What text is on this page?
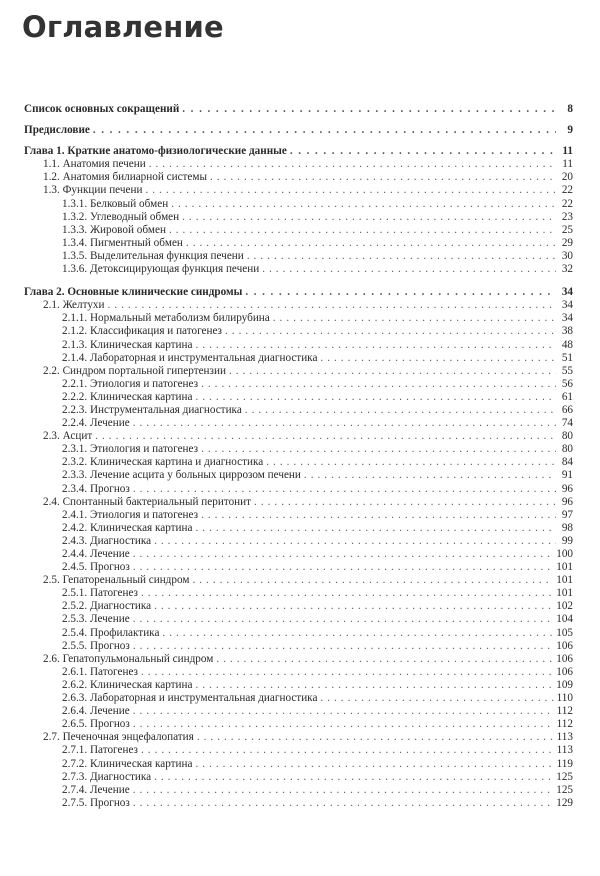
Оглавление
Список основных сокращений . . .	8
Предисловие . . .	9
Глава 1. Краткие анатомо-физиологические данные . . .	11
1.1. Анатомия печени . . .	11
1.2. Анатомия билиарной системы . . .	20
1.3. Функции печени . . .	22
1.3.1. Белковый обмен . . .	22
1.3.2. Углеводный обмен . . .	23
1.3.3. Жировой обмен . . .	25
1.3.4. Пигментный обмен . . .	29
1.3.5. Выделительная функция печени . . .	30
1.3.6. Детоксицирующая функция печени . . .	32
Глава 2. Основные клинические синдромы . . .	34
2.1. Желтухи . . .	34
2.1.1. Нормальный метаболизм билирубина . . .	34
2.1.2. Классификация и патогенез . . .	38
2.1.3. Клиническая картина . . .	48
2.1.4. Лабораторная и инструментальная диагностика . . .	51
2.2. Синдром портальной гипертензии . . .	55
2.2.1. Этиология и патогенез . . .	56
2.2.2. Клиническая картина . . .	61
2.2.3. Инструментальная диагностика . . .	66
2.2.4. Лечение . . .	74
2.3. Асцит . . .	80
2.3.1. Этиология и патогенез . . .	80
2.3.2. Клиническая картина и диагностика . . .	84
2.3.3. Лечение асцита у больных циррозом печени . . .	91
2.3.4. Прогноз . . .	96
2.4. Спонтанный бактериальный перитонит . . .	96
2.4.1. Этиология и патогенез . . .	97
2.4.2. Клиническая картина . . .	98
2.4.3. Диагностика . . .	99
2.4.4. Лечение . . .	100
2.4.5. Прогноз . . .	101
2.5. Гепаторенальный синдром . . .	101
2.5.1. Патогенез . . .	101
2.5.2. Диагностика . . .	102
2.5.3. Лечение . . .	104
2.5.4. Профилактика . . .	105
2.5.5. Прогноз . . .	106
2.6. Гепатопульмональный синдром . . .	106
2.6.1. Патогенез . . .	106
2.6.2. Клиническая картина . . .	109
2.6.3. Лабораторная и инструментальная диагностика . . .	110
2.6.4. Лечение . . .	112
2.6.5. Прогноз . . .	112
2.7. Печеночная энцефалопатия . . .	113
2.7.1. Патогенез . . .	113
2.7.2. Клиническая картина . . .	119
2.7.3. Диагностика . . .	125
2.7.4. Лечение . . .	125
2.7.5. Прогноз . . .	129
